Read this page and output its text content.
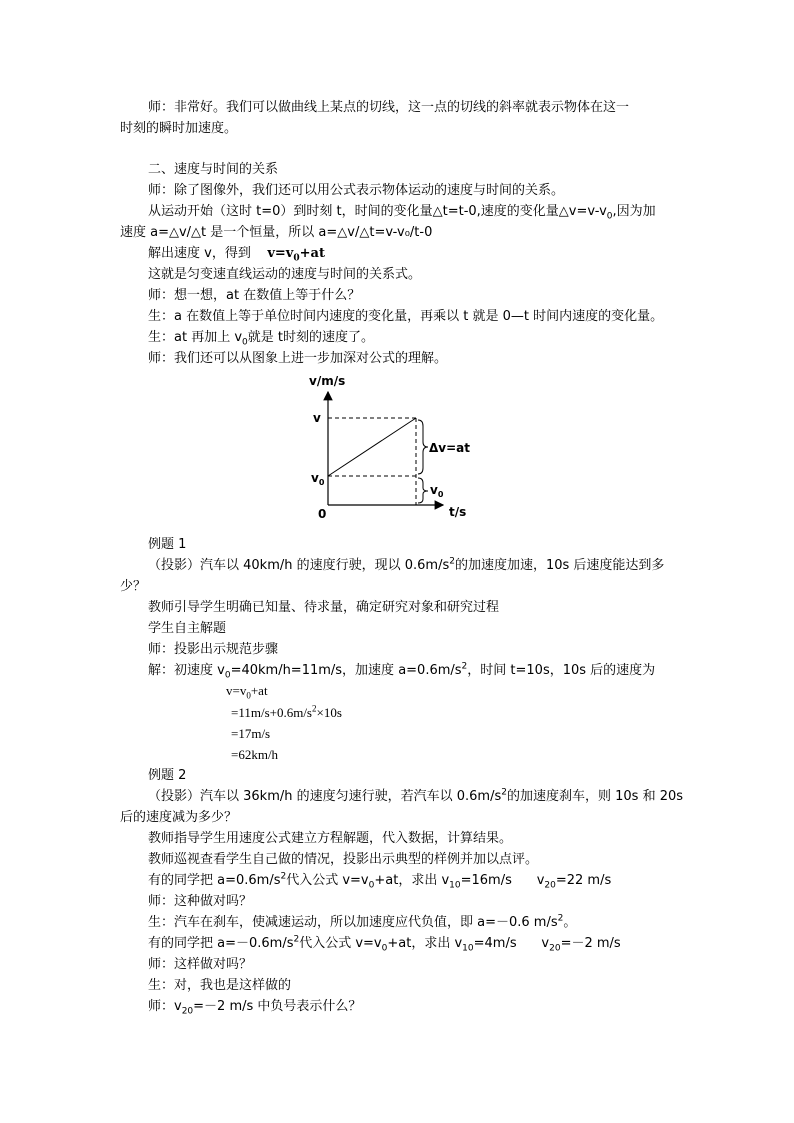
师：非常好。我们可以做曲线上某点的切线，这一点的切线的斜率就表示物体在这一
时刻的瞬时加速度。
二、速度与时间的关系
师：除了图像外，我们还可以用公式表示物体运动的速度与时间的关系。
从运动开始（这时 t=0）到时刻 t，时间的变化量△t=t-0,速度的变化量$\triangle v=v-v_0$,因为加
速度 a=△v/△t 是一个恒量，所以 a=△v/△t=v-v₀/t-0
解出速度 v，得到 $v=v_0+at$
这就是匀变速直线运动的速度与时间的关系式。
师：想一想，at 在数值上等于什么？
生：a 在数值上等于单位时间内速度的变化量，再乘以 t 就是 0—t 时间内速度的变化量。
生：at 再加上 $v_0$就是 t时刻的速度了。
师：我们还可以从图象上进一步加深对公式的理解。
v/m/s
t/s
0
v
$v_0$
Δv=at
$v_0$
例题 1
（投影）汽车以 40km/h 的速度行驶，现以 $0.6m/s^2$的加速度加速，10s 后速度能达到多
少？
教师引导学生明确已知量、待求量，确定研究对象和研究过程
学生自主解题
师：投影出示规范步骤
解：初速度 $v_0=40km/h=11m/s$，加速度 $a=0.6m/s^2$，时间 t=10s，10s 后的速度为
$v=v_0+at$
$=11m/s+0.6m/s^2\times 10s$
=17m/s
=62km/h
例题 2
（投影）汽车以 36km/h 的速度匀速行驶，若汽车以 $0.6m/s^2$的加速度刹车，则 10s 和 20s
后的速度减为多少？
教师指导学生用速度公式建立方程解题，代入数据，计算结果。
教师巡视查看学生自己做的情况，投影出示典型的样例并加以点评。
有的同学把 $a=0.6m/s^2$代入公式 $v=v_0+at$，求出 $v_{10}=16m/s$ $v_{20}=22$ m/s
师：这种做对吗？
生：汽车在刹车，使减速运动，所以加速度应代负值，即 a=－0.6 $m/s^2$。
有的同学把 $a=-0.6m/s^2$代入公式 $v=v_0+at$，求出 $v_{10}=4m/s$ $v_{20}=-2$ m/s
师：这样做对吗？
生：对，我也是这样做的
师：$v_{20}=-2$ m/s 中负号表示什么？
